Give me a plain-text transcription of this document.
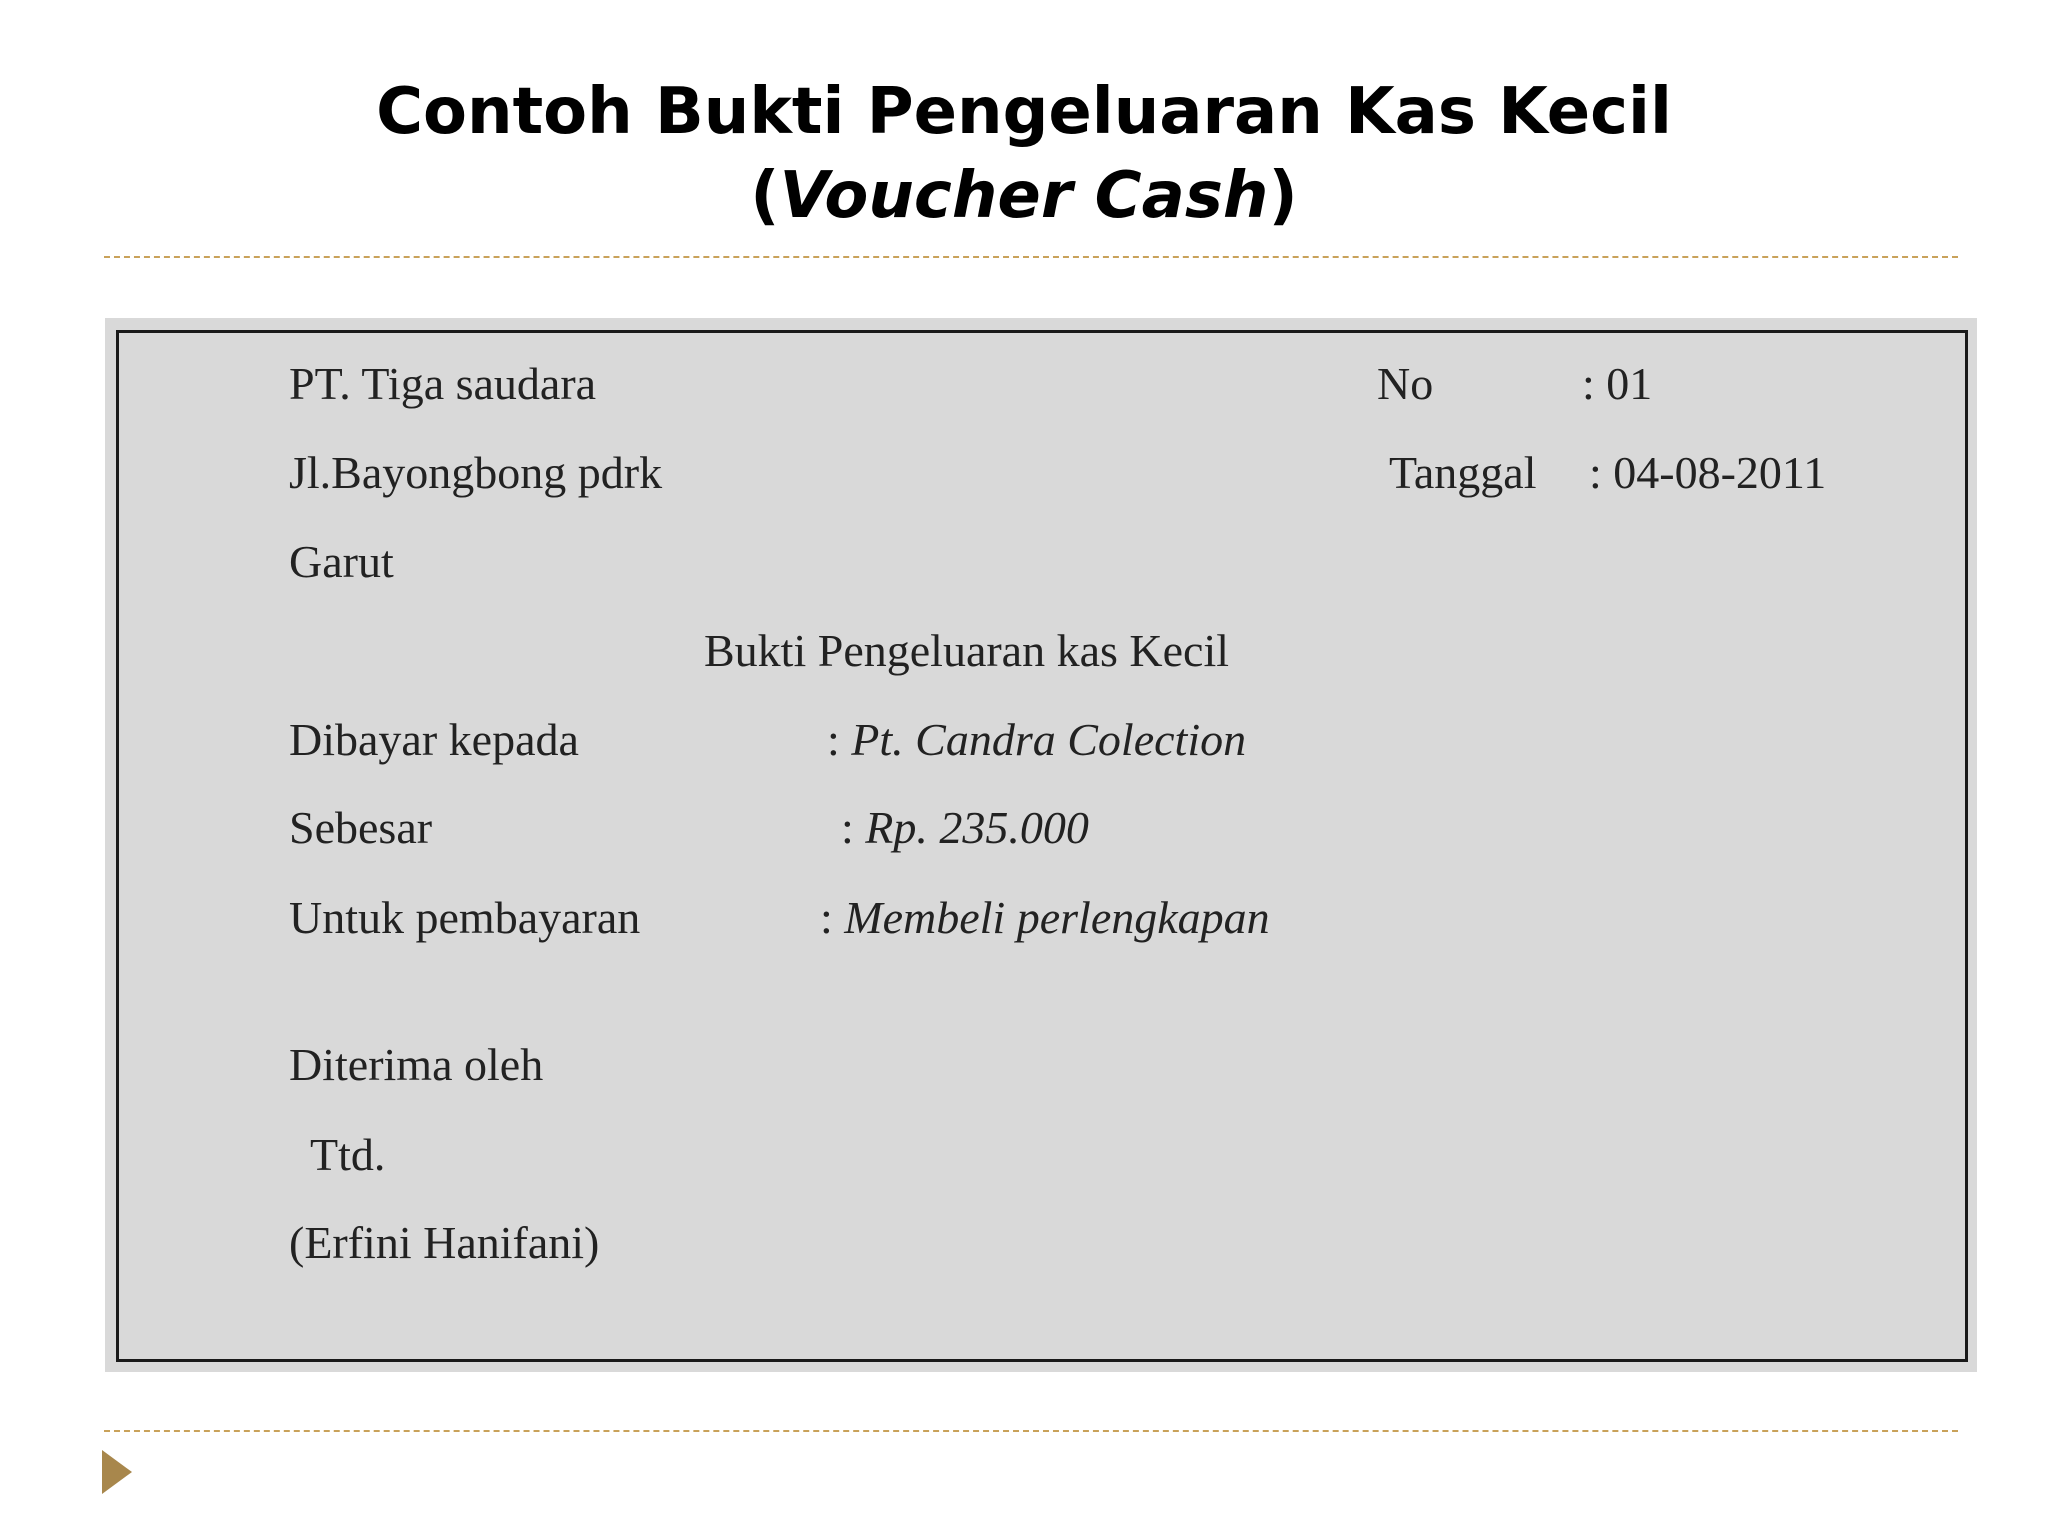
Contoh Bukti Pengeluaran Kas Kecil
(Voucher Cash)
PT. Tiga saudara	No	: 01
Jl.Bayongbong pdrk	Tanggal : 04-08-2011
Garut
Bukti Pengeluaran kas Kecil
Dibayar kepada	: Pt. Candra Colection
Sebesar	: Rp. 235.000
Untuk pembayaran	: Membeli perlengkapan
Diterima oleh
Ttd.
(Erfini Hanifani)
